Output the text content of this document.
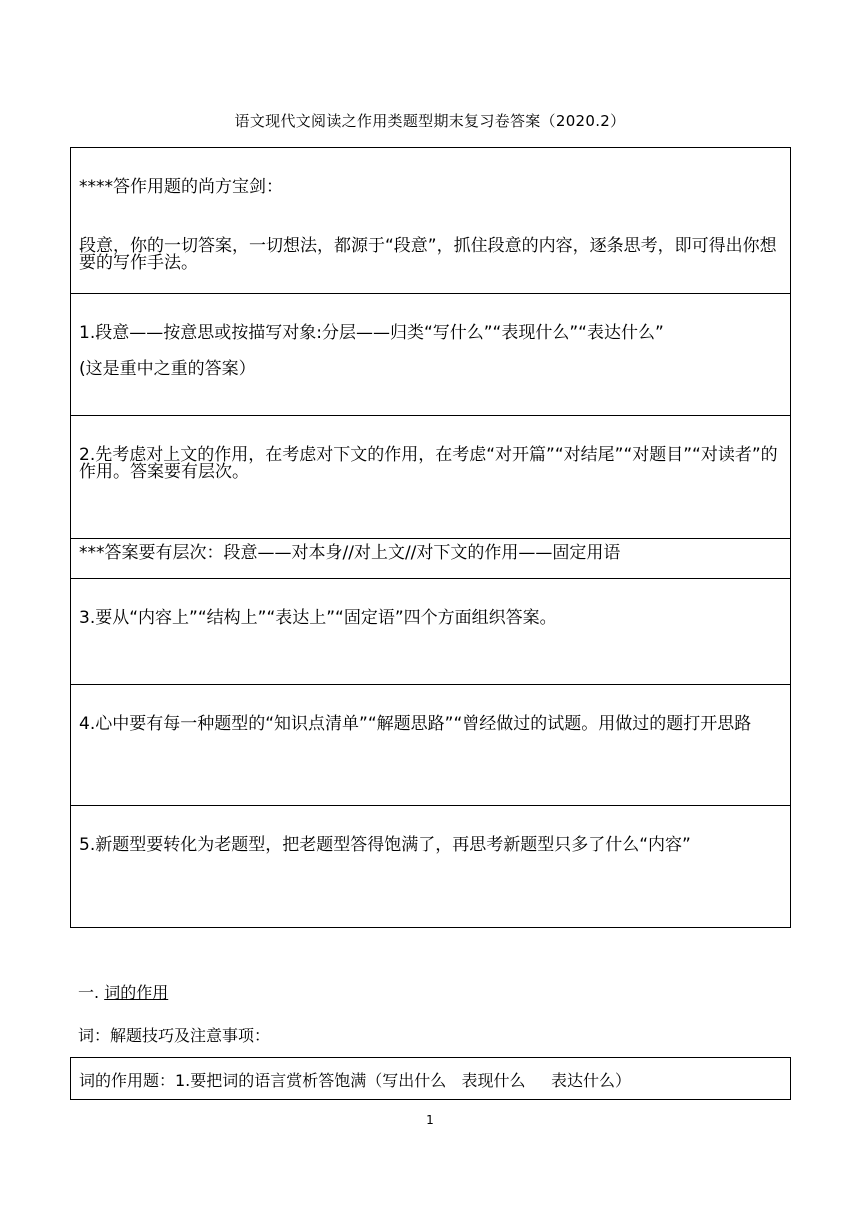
语文现代文阅读之作用类题型期末复习卷答案（2020.2）

****答作用题的尚方宝剑：

段意，你的一切答案，一切想法，都源于“段意”，抓住段意的内容，逐条思考，即可得出你想要的写作手法。

1.段意——按意思或按描写对象:分层——归类“写什么”“表现什么”“表达什么”

(这是重中之重的答案）

2.先考虑对上文的作用，在考虑对下文的作用，在考虑“对开篇”“对结尾”“对题目”“对读者”的作用。答案要有层次。

***答案要有层次：段意——对本身//对上文//对下文的作用——固定用语

3.要从“内容上”“结构上”“表达上”“固定语”四个方面组织答案。

4.心中要有每一种题型的“知识点清单”“解题思路”“曾经做过的试题。用做过的题打开思路

5.新题型要转化为老题型，把老题型答得饱满了，再思考新题型只多了什么“内容”

一. 词的作用
词：解题技巧及注意事项：
词的作用题：1.要把词的语言赏析答饱满（写出什么   表现什么     表达什么）
1
